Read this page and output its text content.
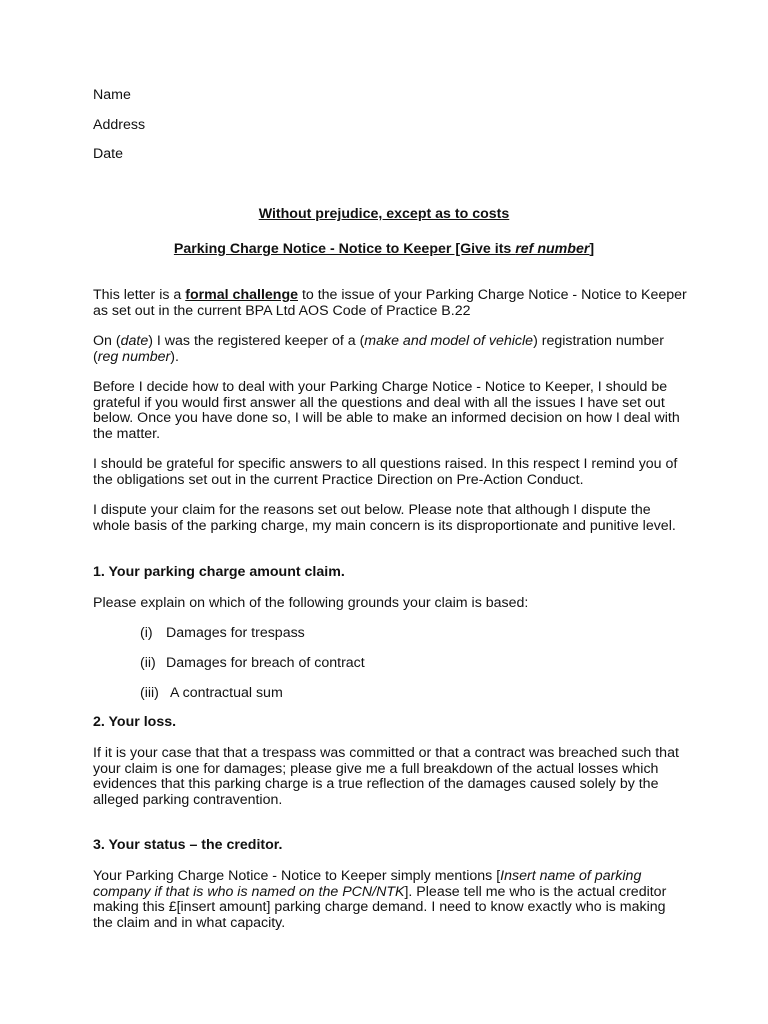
Name
Address
Date
Without prejudice, except as to costs
Parking Charge Notice - Notice to Keeper [Give its ref number]

This letter is a formal challenge to the issue of your Parking Charge Notice - Notice to Keeper as set out in the current BPA Ltd AOS Code of Practice B.22

On (date) I was the registered keeper of a (make and model of vehicle) registration number (reg number).

Before I decide how to deal with your Parking Charge Notice - Notice to Keeper, I should be grateful if you would first answer all the questions and deal with all the issues I have set out below. Once you have done so, I will be able to make an informed decision on how I deal with the matter.

I should be grateful for specific answers to all questions raised. In this respect I remind you of the obligations set out in the current Practice Direction on Pre-Action Conduct.

I dispute your claim for the reasons set out below. Please note that although I dispute the whole basis of the parking charge, my main concern is its disproportionate and punitive level.

1. Your parking charge amount claim.
Please explain on which of the following grounds your claim is based:
(i) Damages for trespass
(ii) Damages for breach of contract
(iii) A contractual sum
2. Your loss.

If it is your case that that a trespass was committed or that a contract was breached such that your claim is one for damages; please give me a full breakdown of the actual losses which evidences that this parking charge is a true reflection of the damages caused solely by the alleged parking contravention.

3. Your status – the creditor.

Your Parking Charge Notice - Notice to Keeper simply mentions [Insert name of parking company if that is who is named on the PCN/NTK]. Please tell me who is the actual creditor making this £[insert amount] parking charge demand. I need to know exactly who is making the claim and in what capacity.
